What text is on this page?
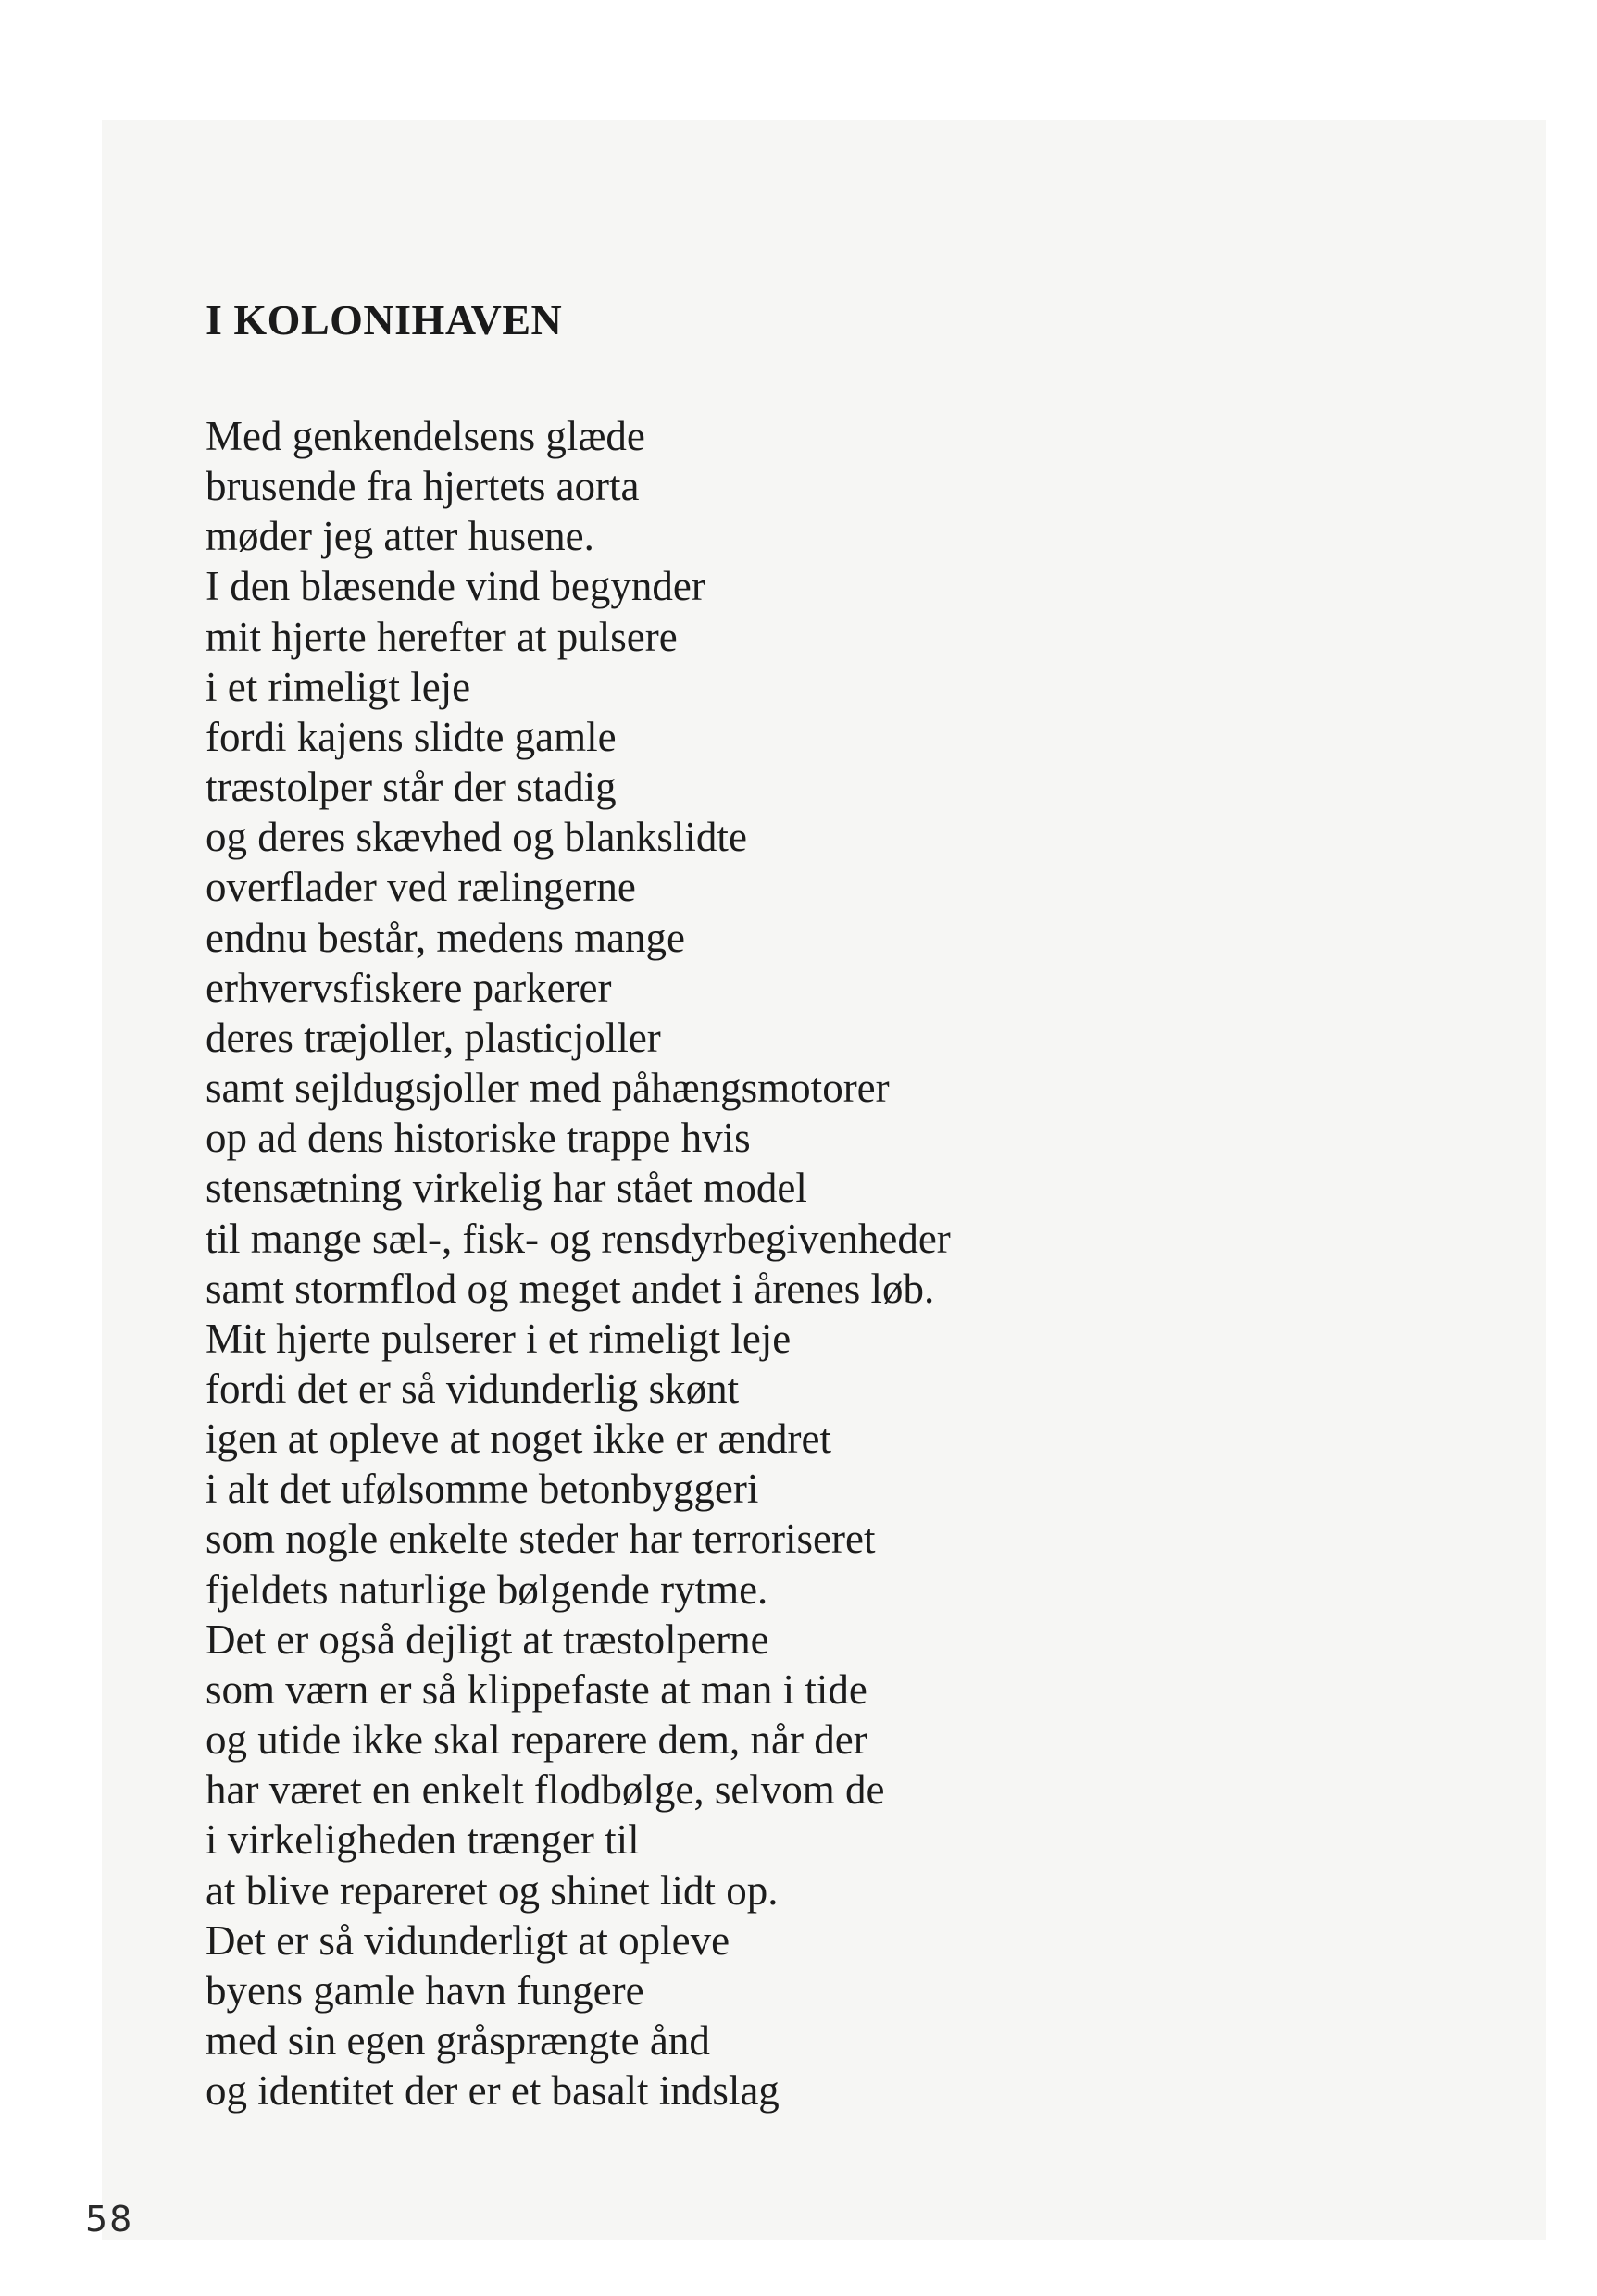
I KOLONIHAVEN
Med genkendelsens glæde
brusende fra hjertets aorta
møder jeg atter husene.
I den blæsende vind begynder
mit hjerte herefter at pulsere
i et rimeligt leje
fordi kajens slidte gamle
træstolper står der stadig
og deres skævhed og blankslidte
overflader ved rælingerne
endnu består, medens mange
erhvervsfiskere parkerer
deres træjoller, plasticjoller
samt sejldugsjoller med påhængsmotorer
op ad dens historiske trappe hvis
stensætning virkelig har stået model
til mange sæl-, fisk- og rensdyrbegivenheder
samt stormflod og meget andet i årenes løb.
Mit hjerte pulserer i et rimeligt leje
fordi det er så vidunderlig skønt
igen at opleve at noget ikke er ændret
i alt det ufølsomme betonbyggeri
som nogle enkelte steder har terroriseret
fjeldets naturlige bølgende rytme.
Det er også dejligt at træstolperne
som værn er så klippefaste at man i tide
og utide ikke skal reparere dem, når der
har været en enkelt flodbølge, selvom de
i virkeligheden trænger til
at blive repareret og shinet lidt op.
Det er så vidunderligt at opleve
byens gamle havn fungere
med sin egen gråsprængte ånd
og identitet der er et basalt indslag
58
